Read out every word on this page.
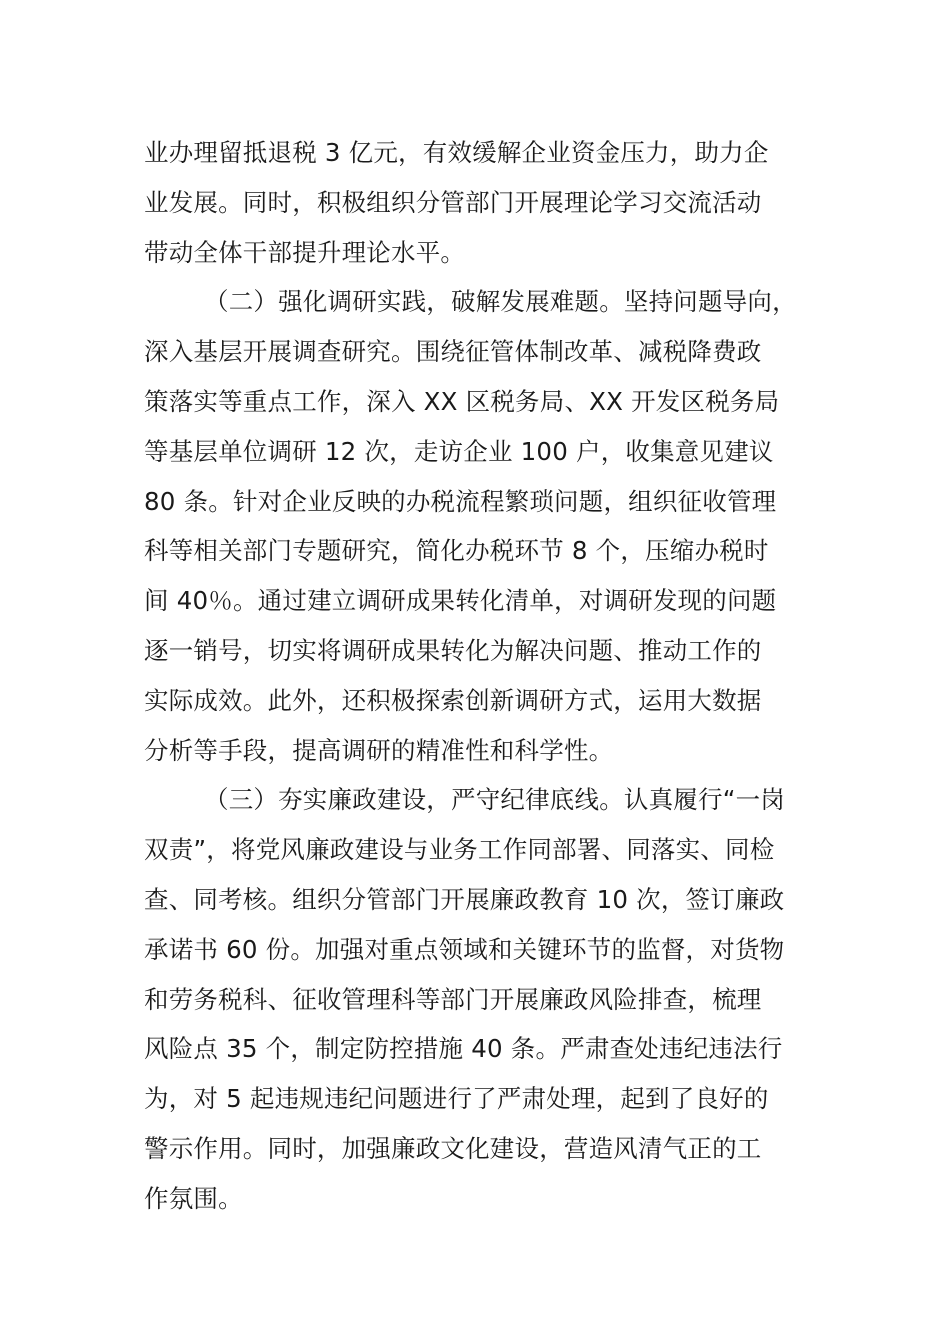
业办理留抵退税 3 亿元，有效缓解企业资金压力，助力企
业发展。同时，积极组织分管部门开展理论学习交流活动
带动全体干部提升理论水平。
（二）强化调研实践，破解发展难题。坚持问题导向，
深入基层开展调查研究。围绕征管体制改革、减税降费政
策落实等重点工作，深入 XX 区税务局、XX 开发区税务局
等基层单位调研 12 次，走访企业 100 户，收集意见建议
80 条。针对企业反映的办税流程繁琐问题，组织征收管理
科等相关部门专题研究，简化办税环节 8 个，压缩办税时
间 40％。通过建立调研成果转化清单，对调研发现的问题
逐一销号，切实将调研成果转化为解决问题、推动工作的
实际成效。此外，还积极探索创新调研方式，运用大数据
分析等手段，提高调研的精准性和科学性。
（三）夯实廉政建设，严守纪律底线。认真履行“一岗
双责”，将党风廉政建设与业务工作同部署、同落实、同检
查、同考核。组织分管部门开展廉政教育 10 次，签订廉政
承诺书 60 份。加强对重点领域和关键环节的监督，对货物
和劳务税科、征收管理科等部门开展廉政风险排查，梳理
风险点 35 个，制定防控措施 40 条。严肃查处违纪违法行
为，对 5 起违规违纪问题进行了严肃处理，起到了良好的
警示作用。同时，加强廉政文化建设，营造风清气正的工
作氛围。
